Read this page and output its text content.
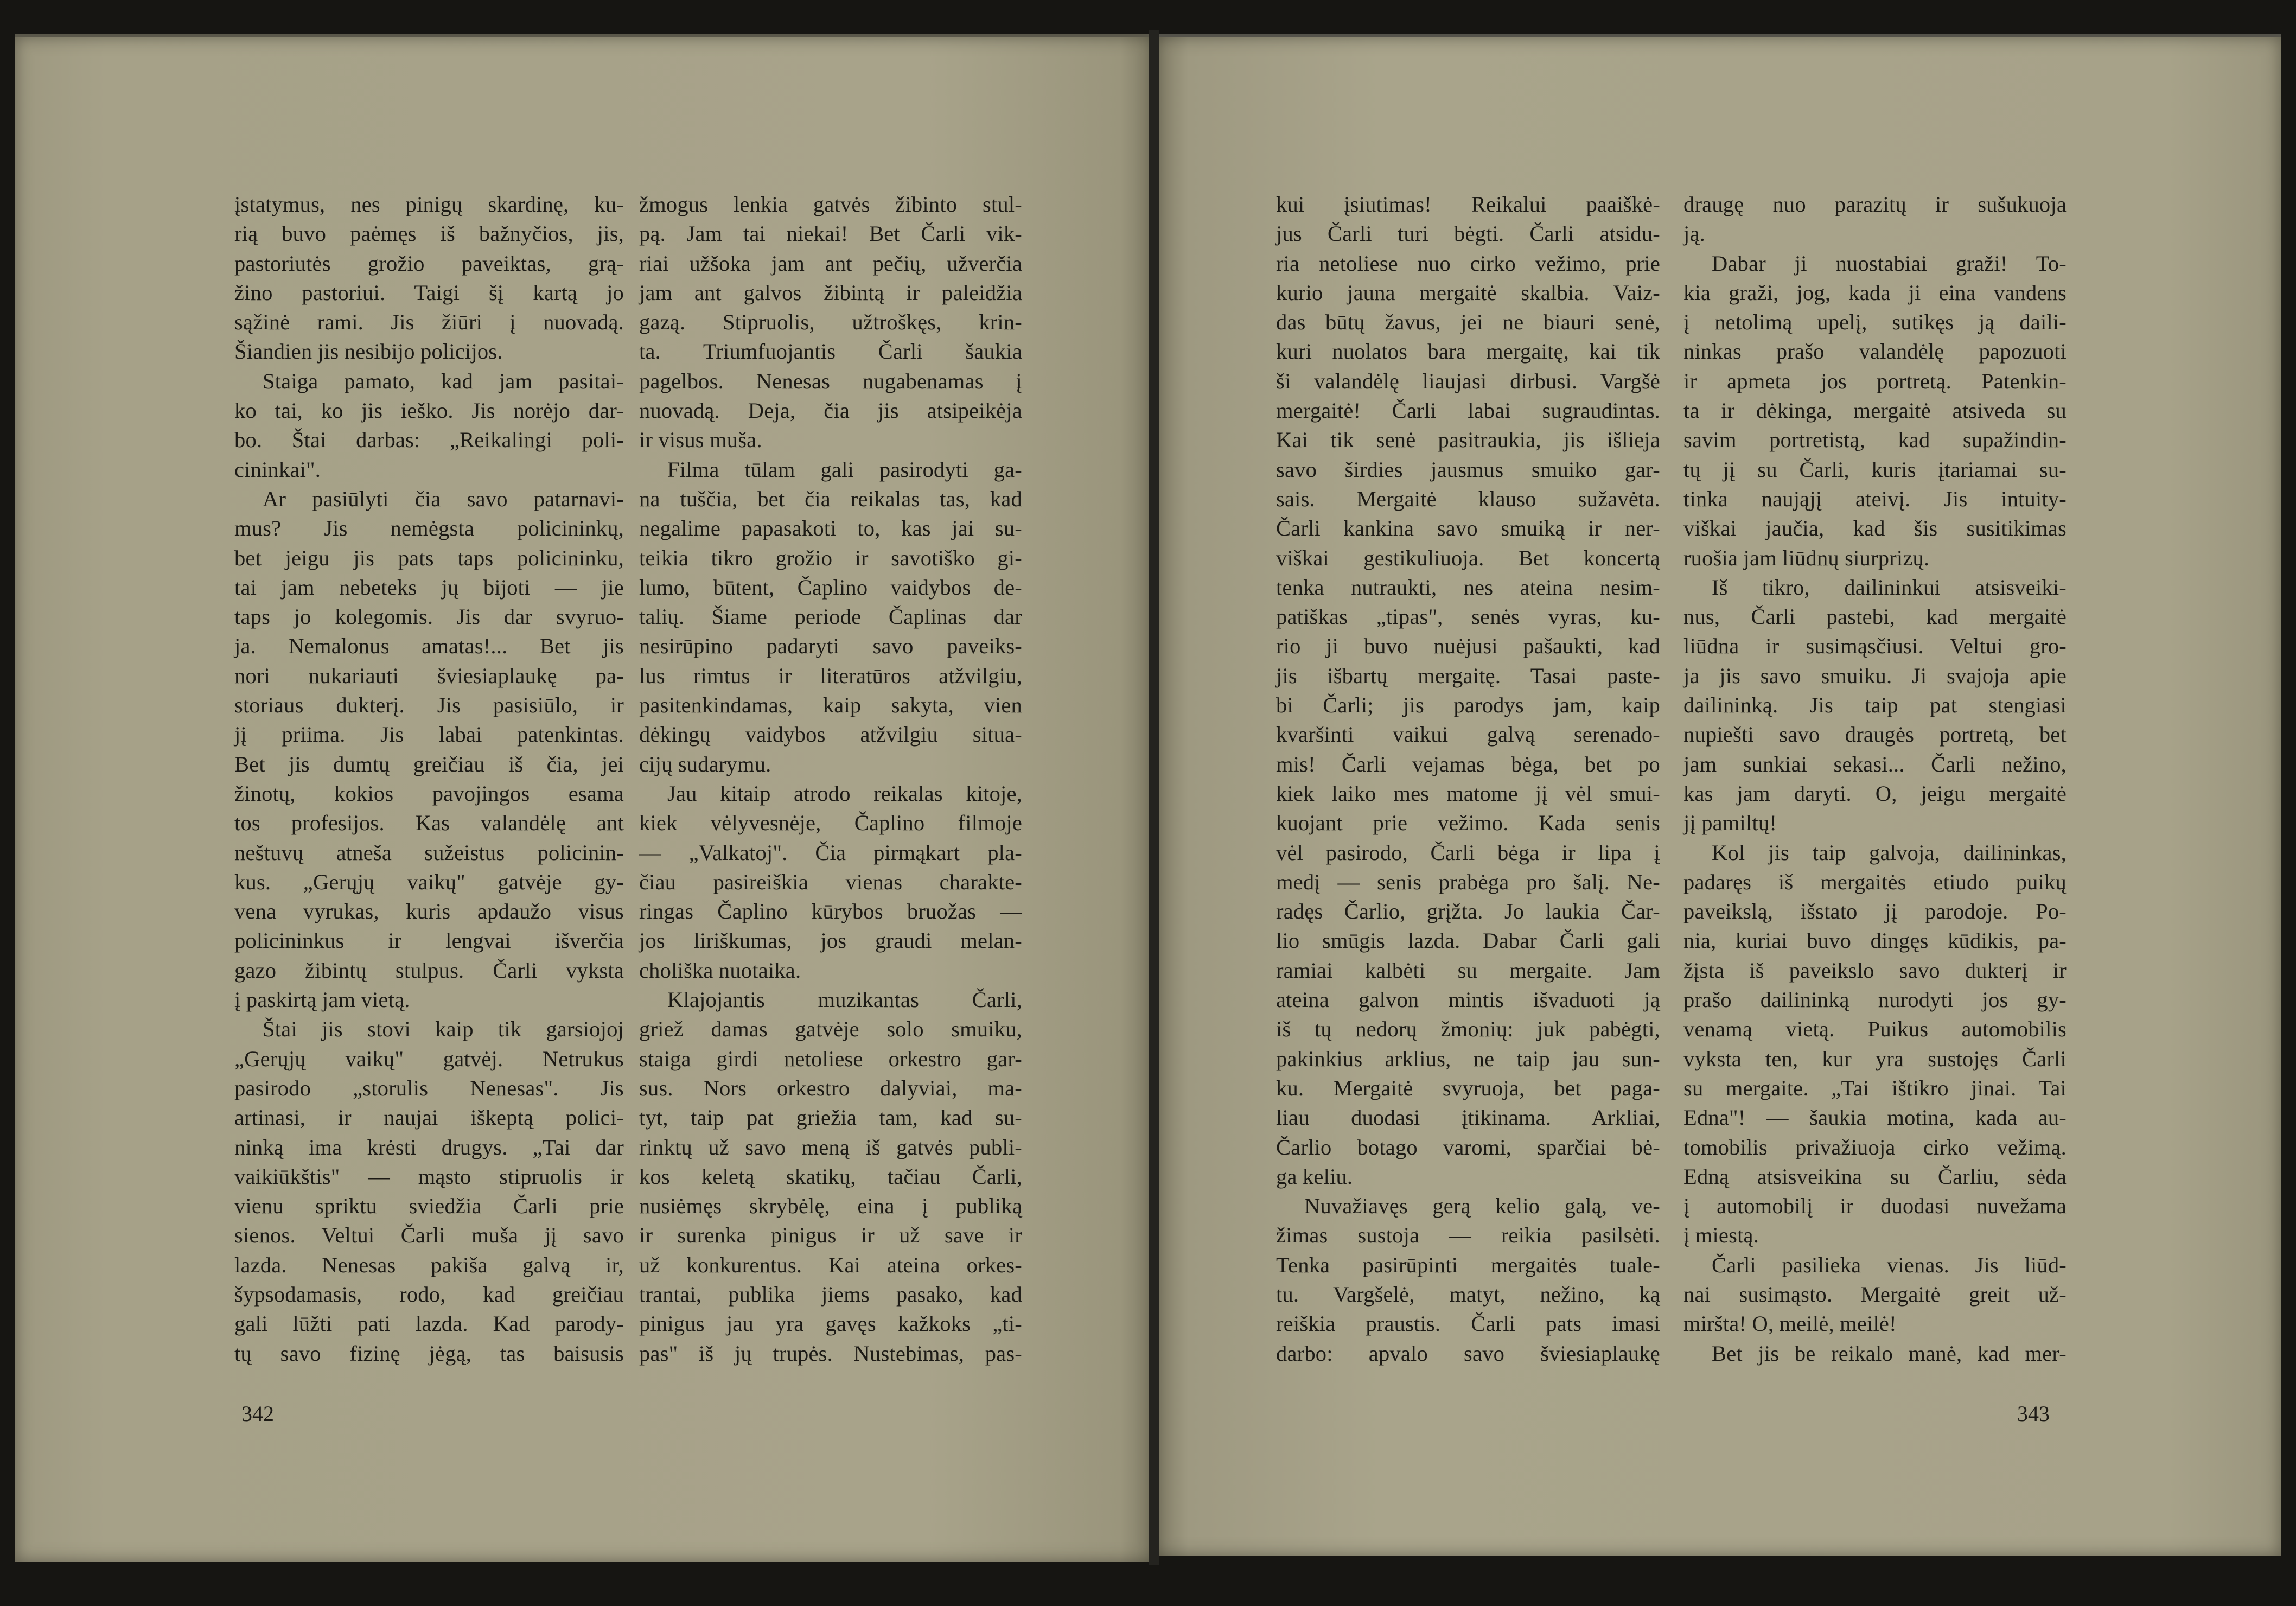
įstatymus, nes pinigų skardinę, ku-
rią buvo paėmęs iš bažnyčios, jis,
pastoriutės grožio paveiktas, grą-
žino pastoriui. Taigi šį kartą jo
sąžinė rami. Jis žiūri į nuovadą.
Šiandien jis nesibijo policijos.
Staiga pamato, kad jam pasitai-
ko tai, ko jis ieško. Jis norėjo dar-
bo. Štai darbas: „Reikalingi poli-
cininkai".
Ar pasiūlyti čia savo patarnavi-
mus? Jis nemėgsta policininkų,
bet jeigu jis pats taps policininku,
tai jam nebeteks jų bijoti — jie
taps jo kolegomis. Jis dar svyruo-
ja. Nemalonus amatas!... Bet jis
nori nukariauti šviesiaplaukę pa-
storiaus dukterį. Jis pasisiūlo, ir
jį priima. Jis labai patenkintas.
Bet jis dumtų greičiau iš čia, jei
žinotų, kokios pavojingos esama
tos profesijos. Kas valandėlę ant
neštuvų atneša sužeistus policinin-
kus. „Gerųjų vaikų" gatvėje gy-
vena vyrukas, kuris apdaužo visus
policininkus ir lengvai išverčia
gazo žibintų stulpus. Čarli vyksta
į paskirtą jam vietą.
Štai jis stovi kaip tik garsiojoj
„Gerųjų vaikų" gatvėj. Netrukus
pasirodo „storulis Nenesas". Jis
artinasi, ir naujai iškeptą polici-
ninką ima krėsti drugys. „Tai dar
vaikiūkštis" — mąsto stipruolis ir
vienu spriktu sviedžia Čarli prie
sienos. Veltui Čarli muša jį savo
lazda. Nenesas pakiša galvą ir,
šypsodamasis, rodo, kad greičiau
gali lūžti pati lazda. Kad parody-
tų savo fizinę jėgą, tas baisusis
žmogus lenkia gatvės žibinto stul-
pą. Jam tai niekai! Bet Čarli vik-
riai užšoka jam ant pečių, užverčia
jam ant galvos žibintą ir paleidžia
gazą. Stipruolis, užtroškęs, krin-
ta. Triumfuojantis Čarli šaukia
pagelbos. Nenesas nugabenamas į
nuovadą. Deja, čia jis atsipeikėja
ir visus muša.
Filma tūlam gali pasirodyti ga-
na tuščia, bet čia reikalas tas, kad
negalime papasakoti to, kas jai su-
teikia tikro grožio ir savotiško gi-
lumo, būtent, Čaplino vaidybos de-
talių. Šiame periode Čaplinas dar
nesirūpino padaryti savo paveiks-
lus rimtus ir literatūros atžvilgiu,
pasitenkindamas, kaip sakyta, vien
dėkingų vaidybos atžvilgiu situa-
cijų sudarymu.
Jau kitaip atrodo reikalas kitoje,
kiek vėlyvesnėje, Čaplino filmoje
— „Valkatoj". Čia pirmąkart pla-
čiau pasireiškia vienas charakte-
ringas Čaplino kūrybos bruožas —
jos liriškumas, jos graudi melan-
choliška nuotaika.
Klajojantis muzikantas Čarli,
griež damas gatvėje solo smuiku,
staiga girdi netoliese orkestro gar-
sus. Nors orkestro dalyviai, ma-
tyt, taip pat griežia tam, kad su-
rinktų už savo meną iš gatvės publi-
kos keletą skatikų, tačiau Čarli,
nusiėmęs skrybėlę, eina į publiką
ir surenka pinigus ir už save ir
už konkurentus. Kai ateina orkes-
trantai, publika jiems pasako, kad
pinigus jau yra gavęs kažkoks „ti-
pas" iš jų trupės. Nustebimas, pas-
kui įsiutimas! Reikalui paaiškė-
jus Čarli turi bėgti. Čarli atsidu-
ria netoliese nuo cirko vežimo, prie
kurio jauna mergaitė skalbia. Vaiz-
das būtų žavus, jei ne biauri senė,
kuri nuolatos bara mergaitę, kai tik
ši valandėlę liaujasi dirbusi. Vargšė
mergaitė! Čarli labai sugraudintas.
Kai tik senė pasitraukia, jis išlieja
savo širdies jausmus smuiko gar-
sais. Mergaitė klauso sužavėta.
Čarli kankina savo smuiką ir ner-
viškai gestikuliuoja. Bet koncertą
tenka nutraukti, nes ateina nesim-
patiškas „tipas", senės vyras, ku-
rio ji buvo nuėjusi pašaukti, kad
jis išbartų mergaitę. Tasai paste-
bi Čarli; jis parodys jam, kaip
kvaršinti vaikui galvą serenado-
mis! Čarli vejamas bėga, bet po
kiek laiko mes matome jį vėl smui-
kuojant prie vežimo. Kada senis
vėl pasirodo, Čarli bėga ir lipa į
medį — senis prabėga pro šalį. Ne-
radęs Čarlio, grįžta. Jo laukia Čar-
lio smūgis lazda. Dabar Čarli gali
ramiai kalbėti su mergaite. Jam
ateina galvon mintis išvaduoti ją
iš tų nedorų žmonių: juk pabėgti,
pakinkius arklius, ne taip jau sun-
ku. Mergaitė svyruoja, bet paga-
liau duodasi įtikinama. Arkliai,
Čarlio botago varomi, sparčiai bė-
ga keliu.
Nuvažiavęs gerą kelio galą, ve-
žimas sustoja — reikia pasilsėti.
Tenka pasirūpinti mergaitės tuale-
tu. Vargšelė, matyt, nežino, ką
reiškia praustis. Čarli pats imasi
darbo: apvalo savo šviesiaplaukę
draugę nuo parazitų ir sušukuoja
ją.
Dabar ji nuostabiai graži! To-
kia graži, jog, kada ji eina vandens
į netolimą upelį, sutikęs ją daili-
ninkas prašo valandėlę papozuoti
ir apmeta jos portretą. Patenkin-
ta ir dėkinga, mergaitė atsiveda su
savim portretistą, kad supažindin-
tų jį su Čarli, kuris įtariamai su-
tinka naująjį ateivį. Jis intuity-
viškai jaučia, kad šis susitikimas
ruošia jam liūdnų siurprizų.
Iš tikro, dailininkui atsisveiki-
nus, Čarli pastebi, kad mergaitė
liūdna ir susimąsčiusi. Veltui gro-
ja jis savo smuiku. Ji svajoja apie
dailininką. Jis taip pat stengiasi
nupiešti savo draugės portretą, bet
jam sunkiai sekasi... Čarli nežino,
kas jam daryti. O, jeigu mergaitė
jį pamiltų!
Kol jis taip galvoja, dailininkas,
padaręs iš mergaitės etiudo puikų
paveikslą, išstato jį parodoje. Po-
nia, kuriai buvo dingęs kūdikis, pa-
žįsta iš paveikslo savo dukterį ir
prašo dailininką nurodyti jos gy-
venamą vietą. Puikus automobilis
vyksta ten, kur yra sustojęs Čarli
su mergaite. „Tai ištikro jinai. Tai
Edna"! — šaukia motina, kada au-
tomobilis privažiuoja cirko vežimą.
Edną atsisveikina su Čarliu, sėda
į automobilį ir duodasi nuvežama
į miestą.
Čarli pasilieka vienas. Jis liūd-
nai susimąsto. Mergaitė greit už-
miršta! O, meilė, meilė!
Bet jis be reikalo manė, kad mer-
342	343
